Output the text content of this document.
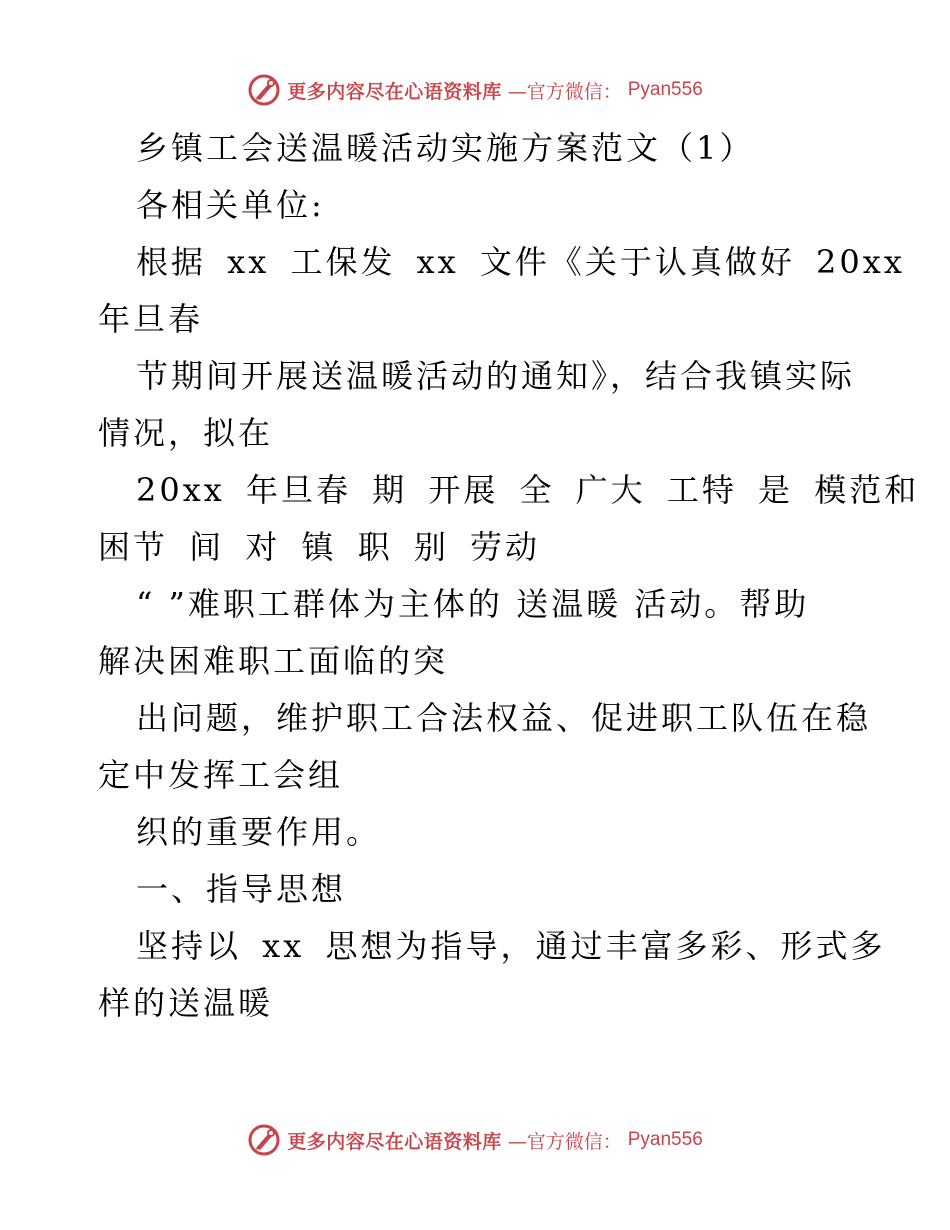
更多内容尽在心语资料库 —官方微信： Pyan556
乡镇工会送温暖活动实施方案范文（1）
各相关单位:
根据 xx 工保发 xx 文件《关于认真做好 20xx
年旦春
节期间开展送温暖活动的通知》，结合我镇实际
情况，拟在
20xx 年旦春 期 开展 全 广大 工特 是 模范和
困节 间 对 镇 职 别 劳动
“ ”难职工群体为主体的 送温暖 活动。帮助
解决困难职工面临的突
出问题，维护职工合法权益、促进职工队伍在稳
定中发挥工会组
织的重要作用。
一、指导思想
坚持以 xx 思想为指导，通过丰富多彩、形式多
样的送温暖
更多内容尽在心语资料库 —官方微信： Pyan556
